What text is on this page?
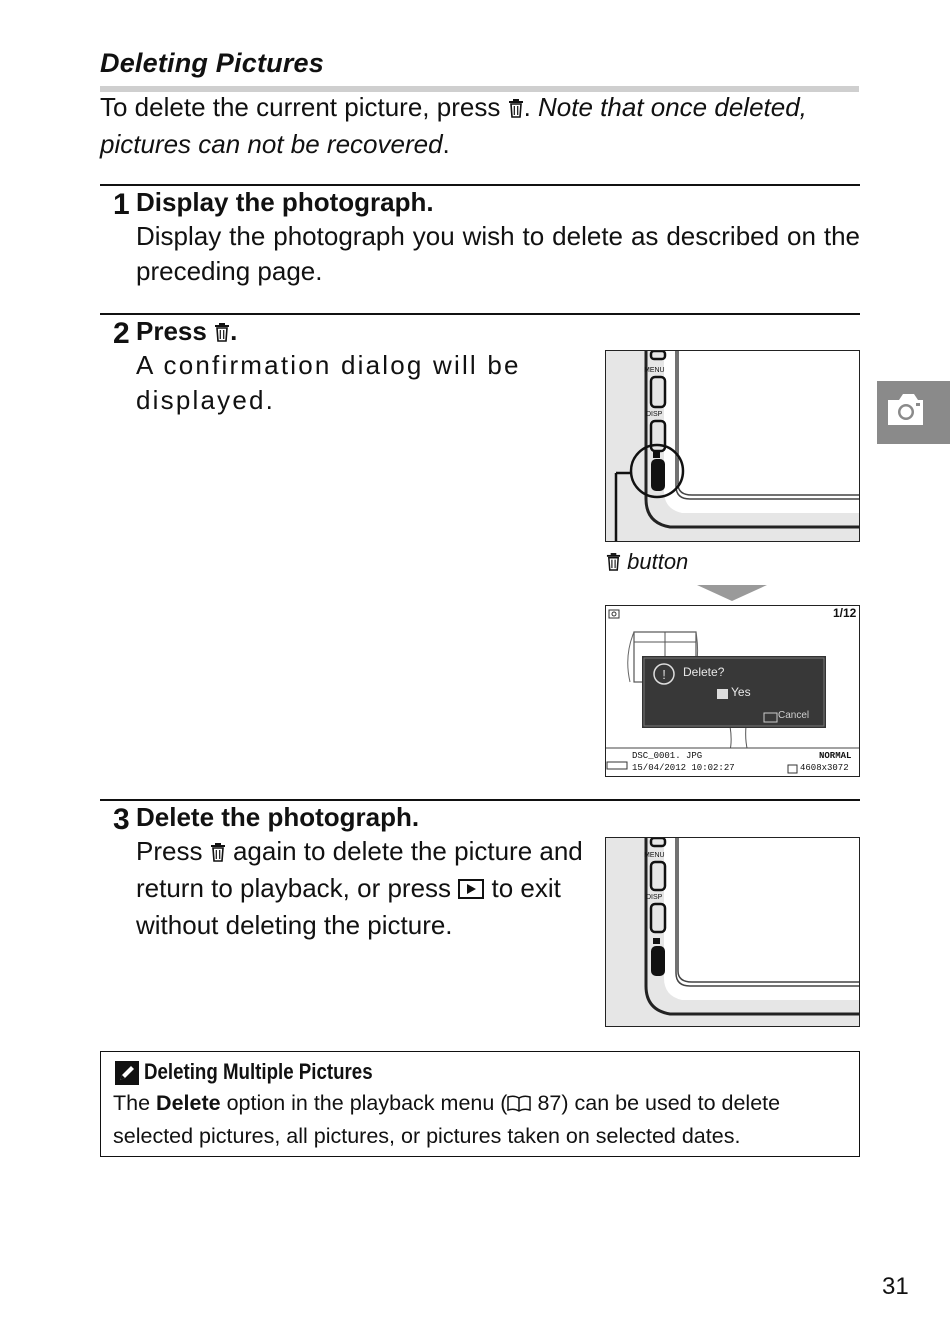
Deleting Pictures
To delete the current picture, press . Note that once deleted, pictures can not be recovered.
1 Display the photograph.
Display the photograph you wish to delete as described on the preceding page.
2 Press .
A confirmation dialog will be displayed.
MENU
DISP
button
!
1/12
Delete?
Yes
Cancel
DSC_0001. JPG	NORMAL
15/04/2012 10:02:27	4608x3072
3 Delete the photograph.
Press again to delete the picture and return to playback, or press to exit without deleting the picture.
MENU
DISP
Deleting Multiple Pictures
The Delete option in the playback menu ( 87) can be used to delete selected pictures, all pictures, or pictures taken on selected dates.
31
